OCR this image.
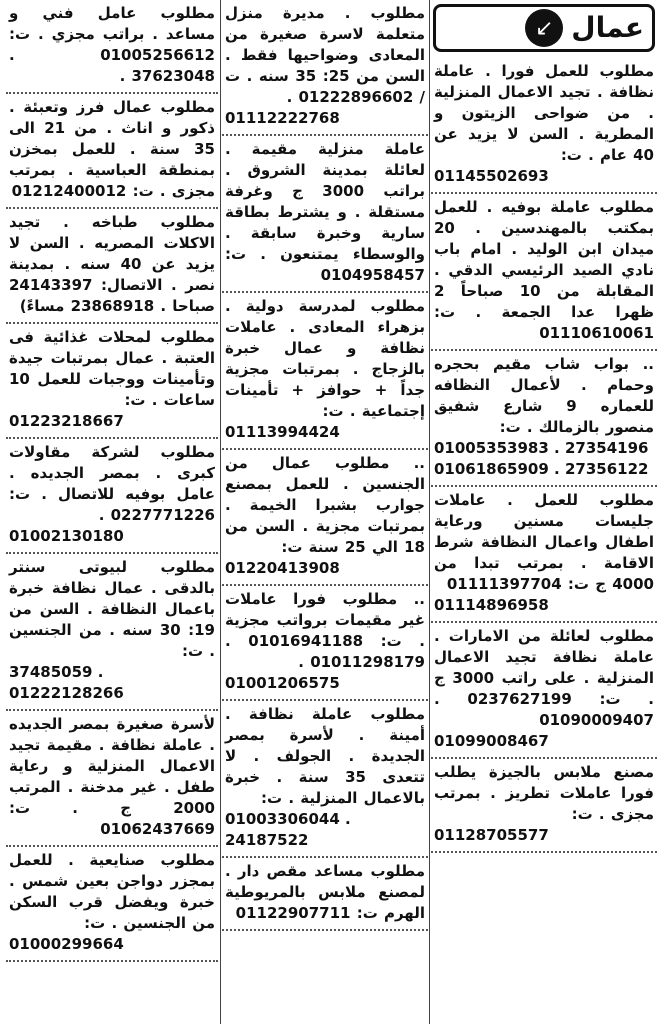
عمال
↙

مطلوب للعمل فورا . عاملة نظافة . تجيد الاعمال المنزلية . من ضواحى الزيتون و المطرية . السن لا يزيد عن 40 عام . ت:

01145502693

مطلوب عاملة بوفيه . للعمل بمكتب بالمهندسين . 20 ميدان ابن الوليد . امام باب نادي الصيد الرئيسي الدقي . المقابلة من 10 صباحاً 2 ظهرا عدا الجمعة . ت: 01110610061

.. بواب شاب مقيم بحجره وحمام . لأعمال النظافه للعماره 9 شارع شفيق منصور بالزمالك . ت:

01005353983 . 27354196
01061865909 . 27356122

مطلوب للعمل . عاملات جليسات مسنين ورعاية اطفال واعمال النظافة شرط الاقامة . بمرتب تبدا من 4000 ج ت: 01111397704

01114896958

مطلوب لعائلة من الامارات . عاملة نظافة تجيد الاعمال المنزلية . على راتب 3000 ج . ت: 0237627199 . 01090009407

01099008467

مصنع ملابس بالجيزة يطلب فورا عاملات تطريز . بمرتب مجزى . ت:

01128705577

مطلوب . مديرة منزل متعلمة لاسرة صغيرة من المعادى وضواحيها فقط . السن من 25: 35 سنه . ت / 01222896602 .

01112222768

عاملة منزلية مقيمة . لعائلة بمدينة الشروق . براتب 3000 ج وغرفة مستقلة . و يشترط بطاقة سارية وخبرة سابقة . والوسطاء يمتنعون . ت: 0104958457

مطلوب لمدرسة دولية . بزهراء المعادى . عاملات نظافة و عمال خبرة بالزجاج . بمرتبات مجزية جداً + حوافز + تأمينات إجتماعية . ت:

01113994424

.. مطلوب عمال من الجنسين . للعمل بمصنع جوارب بشبرا الخيمة . بمرتبات مجزية . السن من 18 الي 25 سنة ت:

01220413908

.. مطلوب فورا عاملات غير مقيمات برواتب مجزية . ت: 01016941188 . 01011298179 .

01001206575

مطلوب عاملة نظافة . أمينة . لأسرة بمصر الجديدة . الجولف . لا تتعدى 35 سنة . خبرة بالاعمال المنزلية . ت:

01003306044 . 24187522

مطلوب مساعد مقص دار . لمصنع ملابس بالمريوطية الهرم ت: 01122907711

مطلوب عامل فني و مساعد . براتب مجزي . ت: 01005256612 . 37623048 .

مطلوب عمال فرز وتعبئة . ذكور و اناث . من 21 الى 35 سنة . للعمل بمخزن بمنطقة العباسية . بمرتب مجزى . ت: 01212400012

مطلوب طباخه . تجيد الاكلات المصريه . السن لا يزيد عن 40 سنه . بمدينة نصر . الاتصال: 24143397 صباحا . 23868918 مساءً)

مطلوب لمحلات غذائية فى العتبة . عمال بمرتبات جيدة وتأمينات ووجبات للعمل 10 ساعات . ت:

01223218667

مطلوب لشركة مقاولات كبرى . بمصر الجديده . عامل بوفيه للاتصال . ت: 0227771226 .

01002130180

مطلوب لبيوتى سنتر بالدقى . عمال نظافة خبرة باعمال النظافة . السن من 19: 30 سنه . من الجنسين . ت:

37485059 . 01222128266

لأسرة صغيرة بمصر الجديده . عاملة نظافة . مقيمة تجيد الاعمال المنزلية و رعاية طفل . غير مدخنة . المرتب 2000 ج . ت: 01062437669

مطلوب صنايعية . للعمل بمجزر دواجن بعين شمس . خبرة ويفضل قرب السكن من الجنسين . ت:

01000299664
